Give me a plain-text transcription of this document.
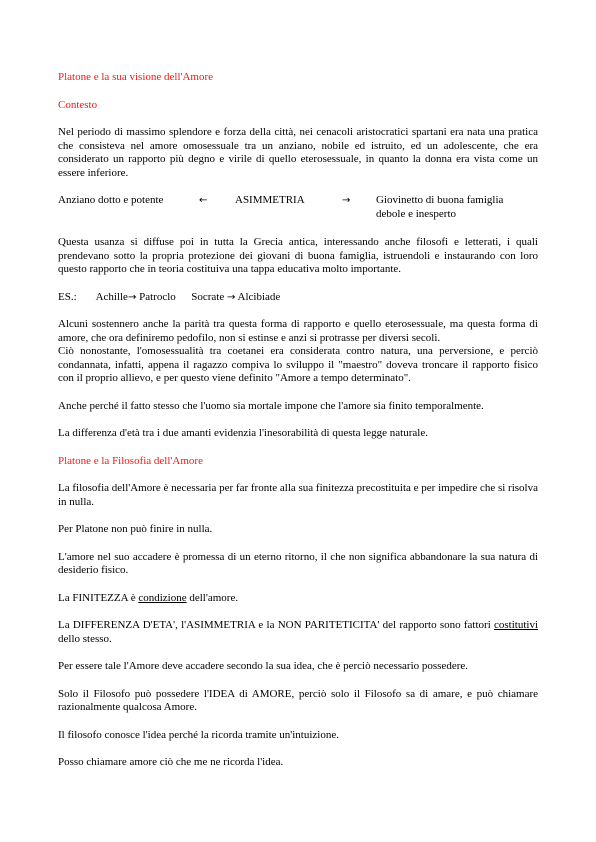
Platone e la sua visione dell'Amore

Contesto

Nel periodo di massimo splendore e forza della città, nei cenacoli aristocratici spartani era nata una pratica che consisteva nel amore omosessuale tra un anziano, nobile ed istruito, ed un adolescente, che era considerato un rapporto più degno e virile di quello eterosessuale, in quanto la donna era vista come un essere inferiore.

Anziano dotto e potente	←	ASIMMETRIA	→ Giovinetto di buona famiglia
debole e inesperto

Questa usanza si diffuse poi in tutta la Grecia antica, interessando anche filosofi e letterati, i quali prendevano sotto la propria protezione dei giovani di buona famiglia, istruendoli e instaurando con loro questo rapporto che in teoria costituiva una tappa educativa molto importante.

ES.: Achille→ Patroclo Socrate → Alcibiade

Alcuni sostennero anche la parità tra questa forma di rapporto e quello eterosessuale, ma questa forma di amore, che ora definiremo pedofilo, non si estinse e anzi si protrasse per diversi secoli.

Ciò nonostante, l'omosessualità tra coetanei era considerata contro natura, una perversione, e perciò condannata, infatti, appena il ragazzo compiva lo sviluppo il "maestro" doveva troncare il rapporto fisico con il proprio allievo, e per questo viene definito "Amore a tempo determinato".

Anche perché il fatto stesso che l'uomo sia mortale impone che l'amore sia finito temporalmente.

La differenza d'età tra i due amanti evidenzia l'inesorabilità di questa legge naturale.

Platone e la Filosofia dell'Amore

La filosofia dell'Amore è necessaria per far fronte alla sua finitezza precostituita e per impedire che si risolva in nulla.

Per Platone non può finire in nulla.

L'amore nel suo accadere è promessa di un eterno ritorno, il che non significa abbandonare la sua natura di desiderio fisico.

La FINITEZZA è condizione dell'amore.

La DIFFERENZA D'ETA', l'ASIMMETRIA e la NON PARITETICITA' del rapporto sono fattori costitutivi dello stesso.

Per essere tale l'Amore deve accadere secondo la sua idea, che è perciò necessario possedere.

Solo il Filosofo può possedere l'IDEA di AMORE, perciò solo il Filosofo sa di amare, e può chiamare razionalmente qualcosa Amore.

Il filosofo conosce l'idea perché la ricorda tramite un'intuizione.

Posso chiamare amore ciò che me ne ricorda l'idea.
